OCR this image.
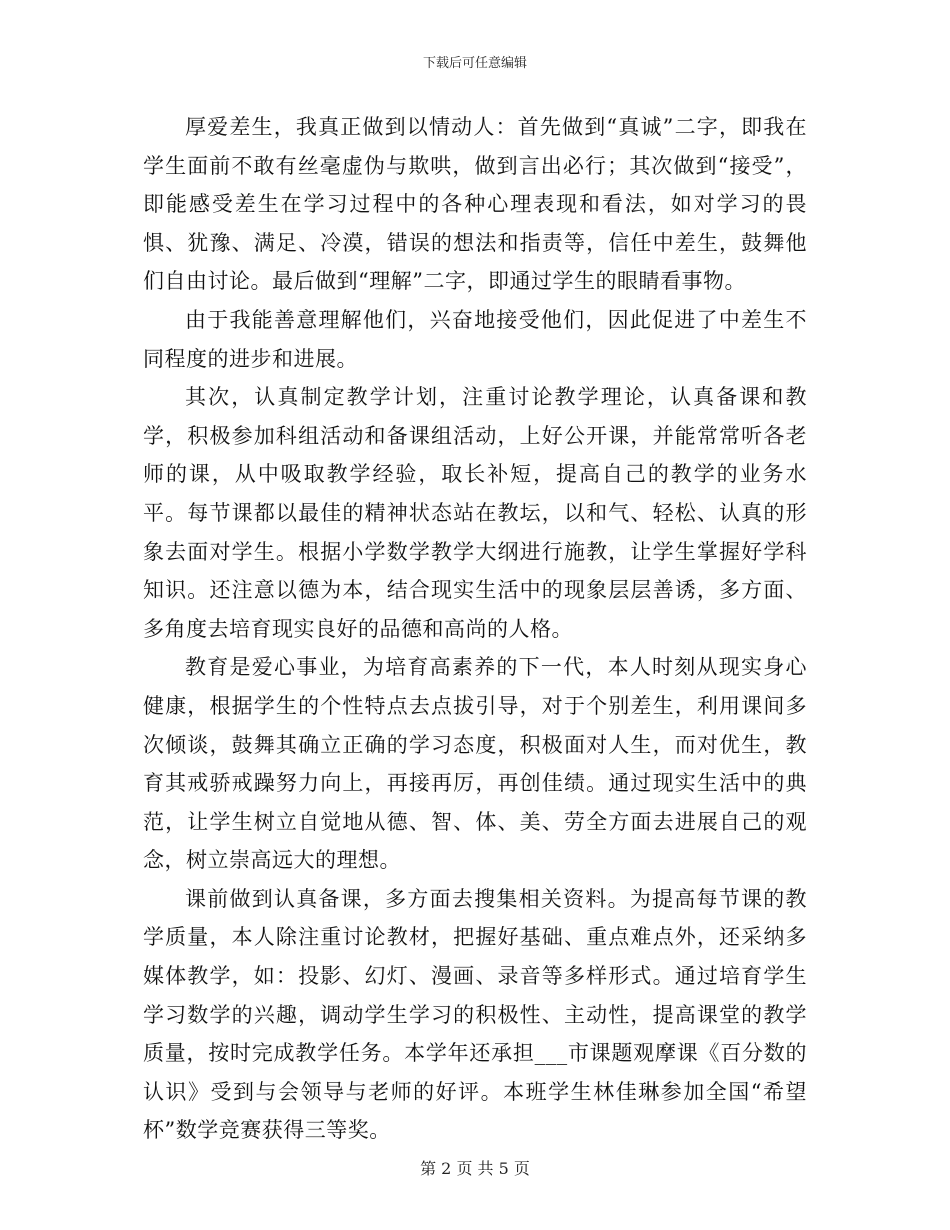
下载后可任意编辑

厚爱差生，我真正做到以情动人：首先做到“真诚”二字，即我在学生面前不敢有丝毫虚伪与欺哄，做到言出必行；其次做到“接受”，即能感受差生在学习过程中的各种心理表现和看法，如对学习的畏惧、犹豫、满足、冷漠，错误的想法和指责等，信任中差生，鼓舞他们自由讨论。最后做到“理解”二字，即通过学生的眼睛看事物。

由于我能善意理解他们，兴奋地接受他们，因此促进了中差生不同程度的进步和进展。

其次，认真制定教学计划，注重讨论教学理论，认真备课和教学，积极参加科组活动和备课组活动，上好公开课，并能常常听各老师的课，从中吸取教学经验，取长补短，提高自己的教学的业务水平。每节课都以最佳的精神状态站在教坛，以和气、轻松、认真的形象去面对学生。根据小学数学教学大纲进行施教，让学生掌握好学科知识。还注意以德为本，结合现实生活中的现象层层善诱，多方面、多角度去培育现实良好的品德和高尚的人格。

教育是爱心事业，为培育高素养的下一代，本人时刻从现实身心健康，根据学生的个性特点去点拔引导，对于个别差生，利用课间多次倾谈，鼓舞其确立正确的学习态度，积极面对人生，而对优生，教育其戒骄戒躁努力向上，再接再厉，再创佳绩。通过现实生活中的典范，让学生树立自觉地从德、智、体、美、劳全方面去进展自己的观念，树立崇高远大的理想。

课前做到认真备课，多方面去搜集相关资料。为提高每节课的教学质量，本人除注重讨论教材，把握好基础、重点难点外，还采纳多媒体教学，如：投影、幻灯、漫画、录音等多样形式。通过培育学生学习数学的兴趣，调动学生学习的积极性、主动性，提高课堂的教学质量，按时完成教学任务。本学年还承担___市课题观摩课《百分数的认识》受到与会领导与老师的好评。本班学生林佳琳参加全国“希望杯”数学竞赛获得三等奖。

第 2 页 共 5 页
